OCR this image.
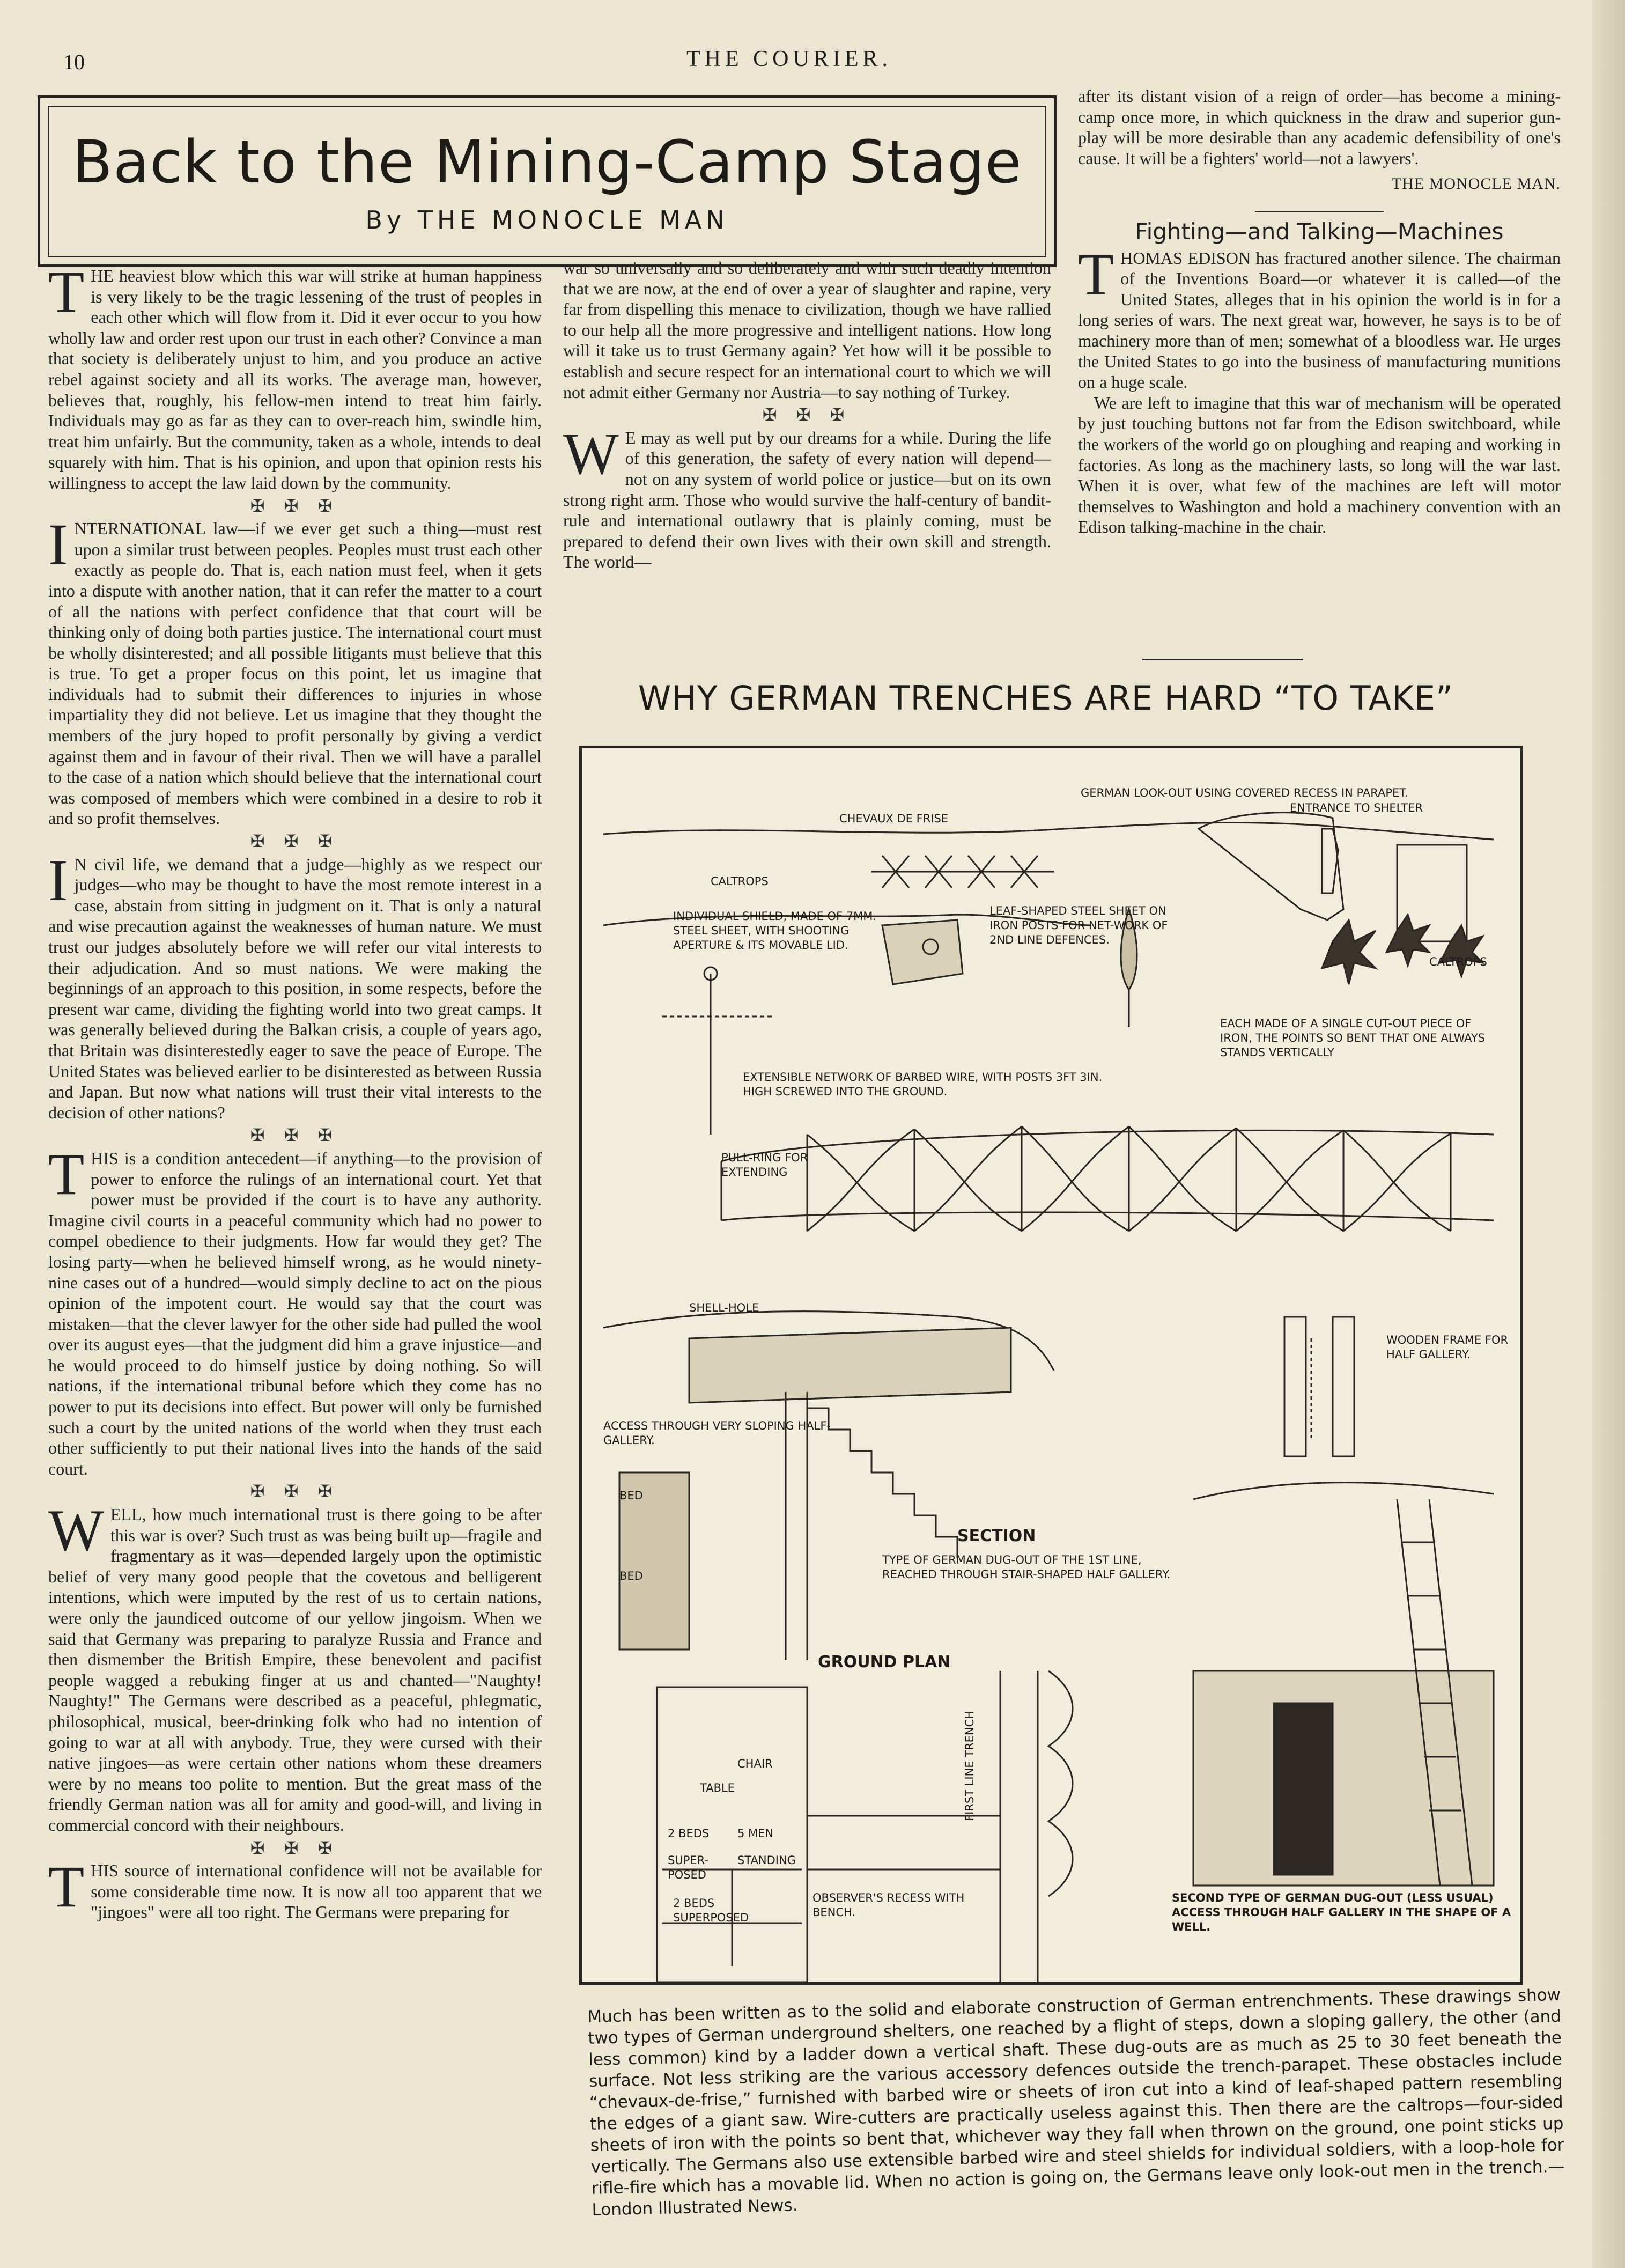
10	THE COURIER.
Back to the Mining-Camp Stage
By THE MONOCLE MAN

THE heaviest blow which this war will strike at human happiness is very likely to be the tragic lessening of the trust of peoples in each other which will flow from it. Did it ever occur to you how wholly law and order rest upon our trust in each other? Convince a man that society is deliberately unjust to him, and you produce an active rebel against society and all its works. The average man, however, believes that, roughly, his fellow-men intend to treat him fairly. Individuals may go as far as they can to over-reach him, swindle him, treat him unfairly. But the community, taken as a whole, intends to deal squarely with him. That is his opinion, and upon that opinion rests his willingness to accept the law laid down by the community.

✠ ✠ ✠

INTERNATIONAL law—if we ever get such a thing—must rest upon a similar trust between peoples. Peoples must trust each other exactly as people do. That is, each nation must feel, when it gets into a dispute with another nation, that it can refer the matter to a court of all the nations with perfect confidence that that court will be thinking only of doing both parties justice. The international court must be wholly disinterested; and all possible litigants must believe that this is true. To get a proper focus on this point, let us imagine that individuals had to submit their differences to injuries in whose impartiality they did not believe. Let us imagine that they thought the members of the jury hoped to profit personally by giving a verdict against them and in favour of their rival. Then we will have a parallel to the case of a nation which should believe that the international court was composed of members which were combined in a desire to rob it and so profit themselves.

✠ ✠ ✠

I N civil life, we demand that a judge—highly as we respect our judges—who may be thought to have the most remote interest in a case, abstain from sitting in judgment on it. That is only a natural and wise precaution against the weaknesses of human nature. We must trust our judges absolutely before we will refer our vital interests to their adjudication. And so must nations. We were making the beginnings of an approach to this position, in some respects, before the present war came, dividing the fighting world into two great camps. It was generally believed during the Balkan crisis, a couple of years ago, that Britain was disinterestedly eager to save the peace of Europe. The United States was believed earlier to be disinterested as between Russia and Japan. But now what nations will trust their vital interests to the decision of other nations?

✠ ✠ ✠

THIS is a condition antecedent—if anything—to the provision of power to enforce the rulings of an international court. Yet that power must be provided if the court is to have any authority. Imagine civil courts in a peaceful community which had no power to compel obedience to their judgments. How far would they get? The losing party—when he believed himself wrong, as he would ninety-nine cases out of a hundred—would simply decline to act on the pious opinion of the impotent court. He would say that the court was mistaken—that the clever lawyer for the other side had pulled the wool over its august eyes—that the judgment did him a grave injustice—and he would proceed to do himself justice by doing nothing. So will nations, if the international tribunal before which they come has no power to put its decisions into effect. But power will only be furnished such a court by the united nations of the world when they trust each other sufficiently to put their national lives into the hands of the said court.

✠ ✠ ✠

WELL, how much international trust is there going to be after this war is over? Such trust as was being built up—fragile and fragmentary as it was—depended largely upon the optimistic belief of very many good people that the covetous and belligerent intentions, which were imputed by the rest of us to certain nations, were only the jaundiced outcome of our yellow jingoism. When we said that Germany was preparing to paralyze Russia and France and then dismember the British Empire, these benevolent and pacifist people wagged a rebuking finger at us and chanted—"Naughty! Naughty!" The Germans were described as a peaceful, phlegmatic, philosophical, musical, beer-drinking folk who had no intention of going to war at all with anybody. True, they were cursed with their native jingoes—as were certain other nations whom these dreamers were by no means too polite to mention. But the great mass of the friendly German nation was all for amity and good-will, and living in commercial concord with their neighbours.

✠ ✠ ✠

THIS source of international confidence will not be available for some considerable time now. It is now all too apparent that we "jingoes" were all too right. The Germans were preparing for

war so universally and so deliberately and with such deadly intention that we are now, at the end of over a year of slaughter and rapine, very far from dispelling this menace to civilization, though we have rallied to our help all the more progressive and intelligent nations. How long will it take us to trust Germany again? Yet how will it be possible to establish and secure respect for an international court to which we will not admit either Germany nor Austria—to say nothing of Turkey.

✠ ✠ ✠

W E may as well put by our dreams for a while. During the life of this generation, the safety of every nation will depend—not on any system of world police or justice—but on its own strong right arm. Those who would survive the half-century of bandit-rule and international outlawry that is plainly coming, must be prepared to defend their own lives with their own skill and strength. The world—

after its distant vision of a reign of order—has become a mining-camp once more, in which quickness in the draw and superior gun-play will be more desirable than any academic defensibility of one's cause. It will be a fighters' world—not a lawyers'.

THE MONOCLE MAN.
Fighting—and Talking—Machines

THOMAS EDISON has fractured another silence. The chairman of the Inventions Board—or whatever it is called—of the United States, alleges that in his opinion the world is in for a long series of wars. The next great war, however, he says is to be of machinery more than of men; somewhat of a bloodless war. He urges the United States to go into the business of manufacturing munitions on a huge scale.

We are left to imagine that this war of mechanism will be operated by just touching buttons not far from the Edison switchboard, while the workers of the world go on ploughing and reaping and working in factories. As long as the machinery lasts, so long will the war last. When it is over, what few of the machines are left will motor themselves to Washington and hold a machinery convention with an Edison talking-machine in the chair.

WHY GERMAN TRENCHES ARE HARD “TO TAKE”
GERMAN LOOK-OUT USING COVERED RECESS IN PARAPET.
ENTRANCE TO SHELTER
CHEVAUX DE FRISE
CALTROPS
INDIVIDUAL SHIELD, MADE OF 7MM. STEEL SHEET, WITH SHOOTING APERTURE & ITS MOVABLE LID.
LEAF-SHAPED STEEL SHEET ON IRON POSTS FOR NET-WORK OF 2ND LINE DEFENCES.
CALTROPS
EACH MADE OF A SINGLE CUT-OUT PIECE OF IRON, THE POINTS SO BENT THAT ONE ALWAYS STANDS VERTICALLY
EXTENSIBLE NETWORK OF BARBED WIRE, WITH POSTS 3FT 3IN. HIGH SCREWED INTO THE GROUND.
PULL-RING FOR EXTENDING
SHELL-HOLE
WOODEN FRAME FOR HALF GALLERY.
ACCESS THROUGH VERY SLOPING HALF-GALLERY.
BED
BED
SECTION
TYPE OF GERMAN DUG-OUT OF THE 1ST LINE, REACHED THROUGH STAIR-SHAPED HALF GALLERY.
GROUND PLAN
CHAIR
TABLE
2 BEDS
SUPER-POSED
5 MEN
STANDING
2 BEDS SUPERPOSED
OBSERVER'S RECESS WITH BENCH.
FIRST LINE TRENCH
SECOND TYPE OF GERMAN DUG-OUT (LESS USUAL) ACCESS THROUGH HALF GALLERY IN THE SHAPE OF A WELL.
Much has been written as to the solid and elaborate construction of German entrenchments. These drawings show two types of German underground shelters, one reached by a flight of steps, down a sloping gallery, the other (and less common) kind by a ladder down a vertical shaft. These dug-outs are as much as 25 to 30 feet beneath the surface. Not less striking are the various accessory defences outside the trench-parapet. These obstacles include “chevaux-de-frise,” furnished with barbed wire or sheets of iron cut into a kind of leaf-shaped pattern resembling the edges of a giant saw. Wire-cutters are practically useless against this. Then there are the caltrops—four-sided sheets of iron with the points so bent that, whichever way they fall when thrown on the ground, one point sticks up vertically. The Germans also use extensible barbed wire and steel shields for individual soldiers, with a loop-hole for rifle-fire which has a movable lid. When no action is going on, the Germans leave only look-out men in the trench.—London Illustrated News.
